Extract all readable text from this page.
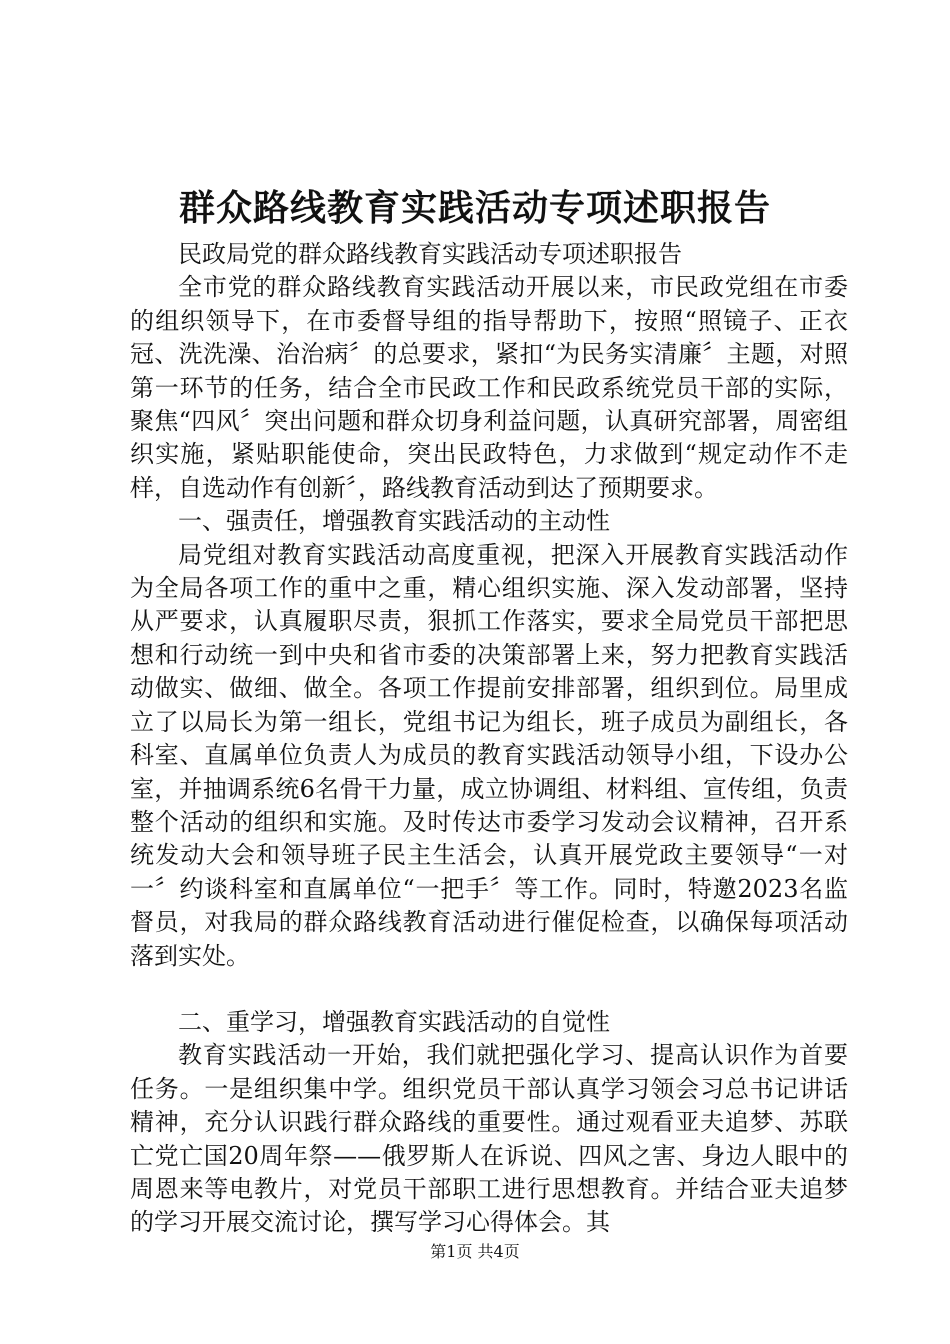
群众路线教育实践活动专项述职报告

民政局党的群众路线教育实践活动专项述职报告

全市党的群众路线教育实践活动开展以来，市民政党组在市委的组织领导下，在市委督导组的指导帮助下，按照“照镜子、正衣冠、洗洗澡、治治病〞的总要求，紧扣“为民务实清廉〞主题，对照第一环节的任务，结合全市民政工作和民政系统党员干部的实际，聚焦“四风〞突出问题和群众切身利益问题，认真研究部署，周密组织实施，紧贴职能使命，突出民政特色，力求做到“规定动作不走样，自选动作有创新〞，路线教育活动到达了预期要求。

一、强责任，增强教育实践活动的主动性

局党组对教育实践活动高度重视，把深入开展教育实践活动作为全局各项工作的重中之重，精心组织实施、深入发动部署，坚持从严要求，认真履职尽责，狠抓工作落实，要求全局党员干部把思想和行动统一到中央和省市委的决策部署上来，努力把教育实践活动做实、做细、做全。各项工作提前安排部署，组织到位。局里成立了以局长为第一组长，党组书记为组长，班子成员为副组长，各科室、直属单位负责人为成员的教育实践活动领导小组，下设办公室，并抽调系统6名骨干力量，成立协调组、材料组、宣传组，负责整个活动的组织和实施。及时传达市委学习发动会议精神，召开系统发动大会和领导班子民主生活会，认真开展党政主要领导“一对一〞约谈科室和直属单位“一把手〞等工作。同时，特邀2023名监督员，对我局的群众路线教育活动进行催促检查，以确保每项活动落到实处。

二、重学习，增强教育实践活动的自觉性

教育实践活动一开始，我们就把强化学习、提高认识作为首要任务。一是组织集中学。组织党员干部认真学习领会习总书记讲话精神，充分认识践行群众路线的重要性。通过观看亚夫追梦、苏联亡党亡国20周年祭——俄罗斯人在诉说、四风之害、身边人眼中的周恩来等电教片，对党员干部职工进行思想教育。并结合亚夫追梦的学习开展交流讨论，撰写学习心得体会。其

第1页 共4页
